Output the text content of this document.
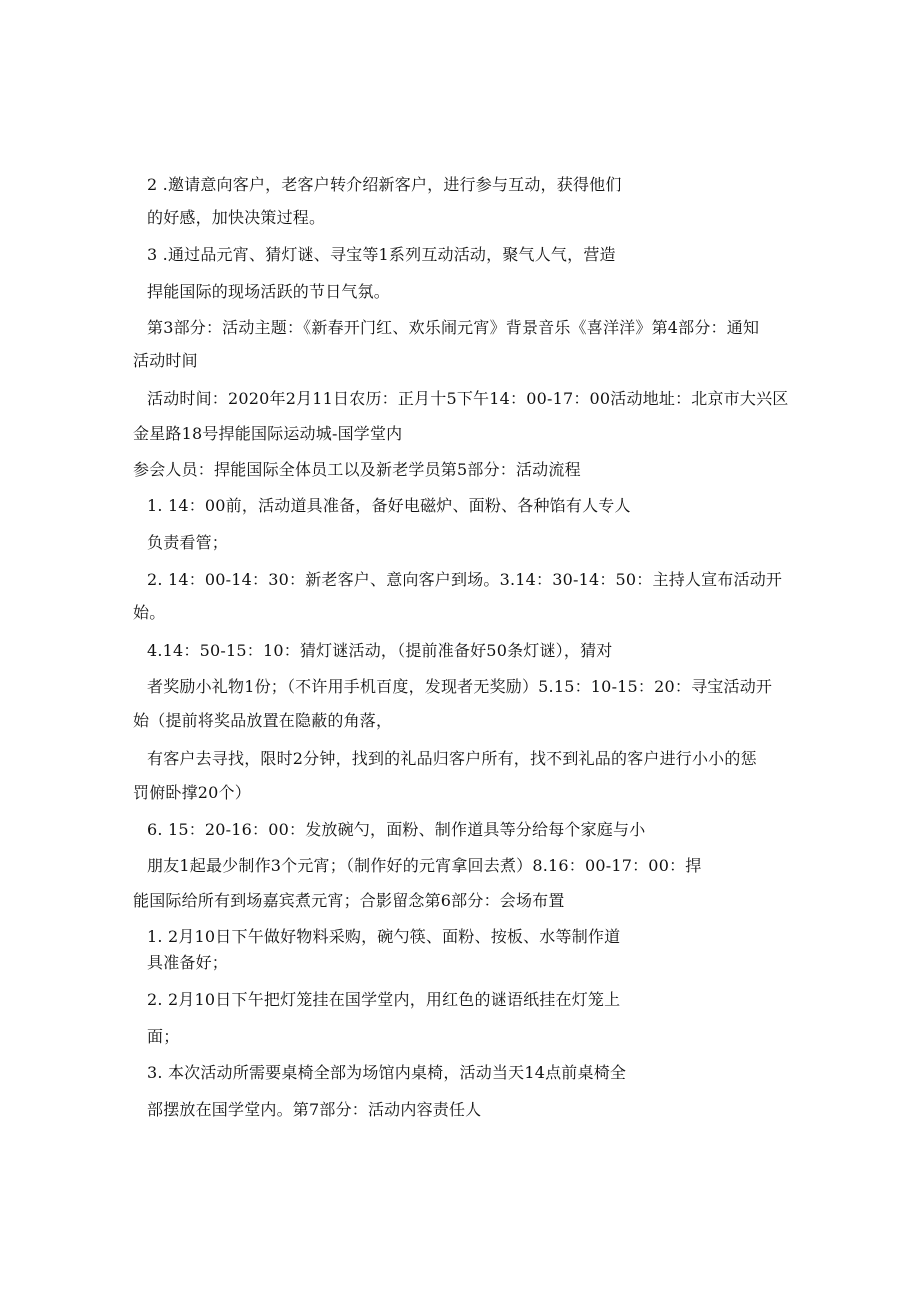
2 .邀请意向客户，老客户转介绍新客户，进行参与互动，获得他们
的好感，加快决策过程。
3 .通过品元宵、猜灯谜、寻宝等1系列互动活动，聚气人气，营造
捍能国际的现场活跃的节日气氛。
第3部分：活动主题：《新春开门红、欢乐闹元宵》背景音乐《喜洋洋》第4部分：通知
活动时间
活动时间：2020年2月11日农历：正月十5下午14：00-17：00活动地址：北京市大兴区
金星路18号捍能国际运动城-国学堂内
参会人员：捍能国际全体员工以及新老学员第5部分：活动流程
1. 14：00前，活动道具准备，备好电磁炉、面粉、各种馅有人专人
负责看管；
2. 14：00-14：30：新老客户、意向客户到场。3.14：30-14：50：主持人宣布活动开
始。
4.14：50-15：10：猜灯谜活动，（提前准备好50条灯谜），猜对
者奖励小礼物1份；（不许用手机百度，发现者无奖励）5.15：10-15：20：寻宝活动开
始（提前将奖品放置在隐蔽的角落，
有客户去寻找，限时2分钟，找到的礼品归客户所有，找不到礼品的客户进行小小的惩
罚俯卧撑20个）
6. 15：20-16：00：发放碗勺，面粉、制作道具等分给每个家庭与小
朋友1起最少制作3个元宵；（制作好的元宵拿回去煮）8.16：00-17：00：捍
能国际给所有到场嘉宾煮元宵；合影留念第6部分：会场布置
1. 2月10日下午做好物料采购，碗勺筷、面粉、按板、水等制作道
具准备好；
2. 2月10日下午把灯笼挂在国学堂内，用红色的谜语纸挂在灯笼上
面；
3. 本次活动所需要桌椅全部为场馆内桌椅，活动当天14点前桌椅全
部摆放在国学堂内。第7部分：活动内容责任人
